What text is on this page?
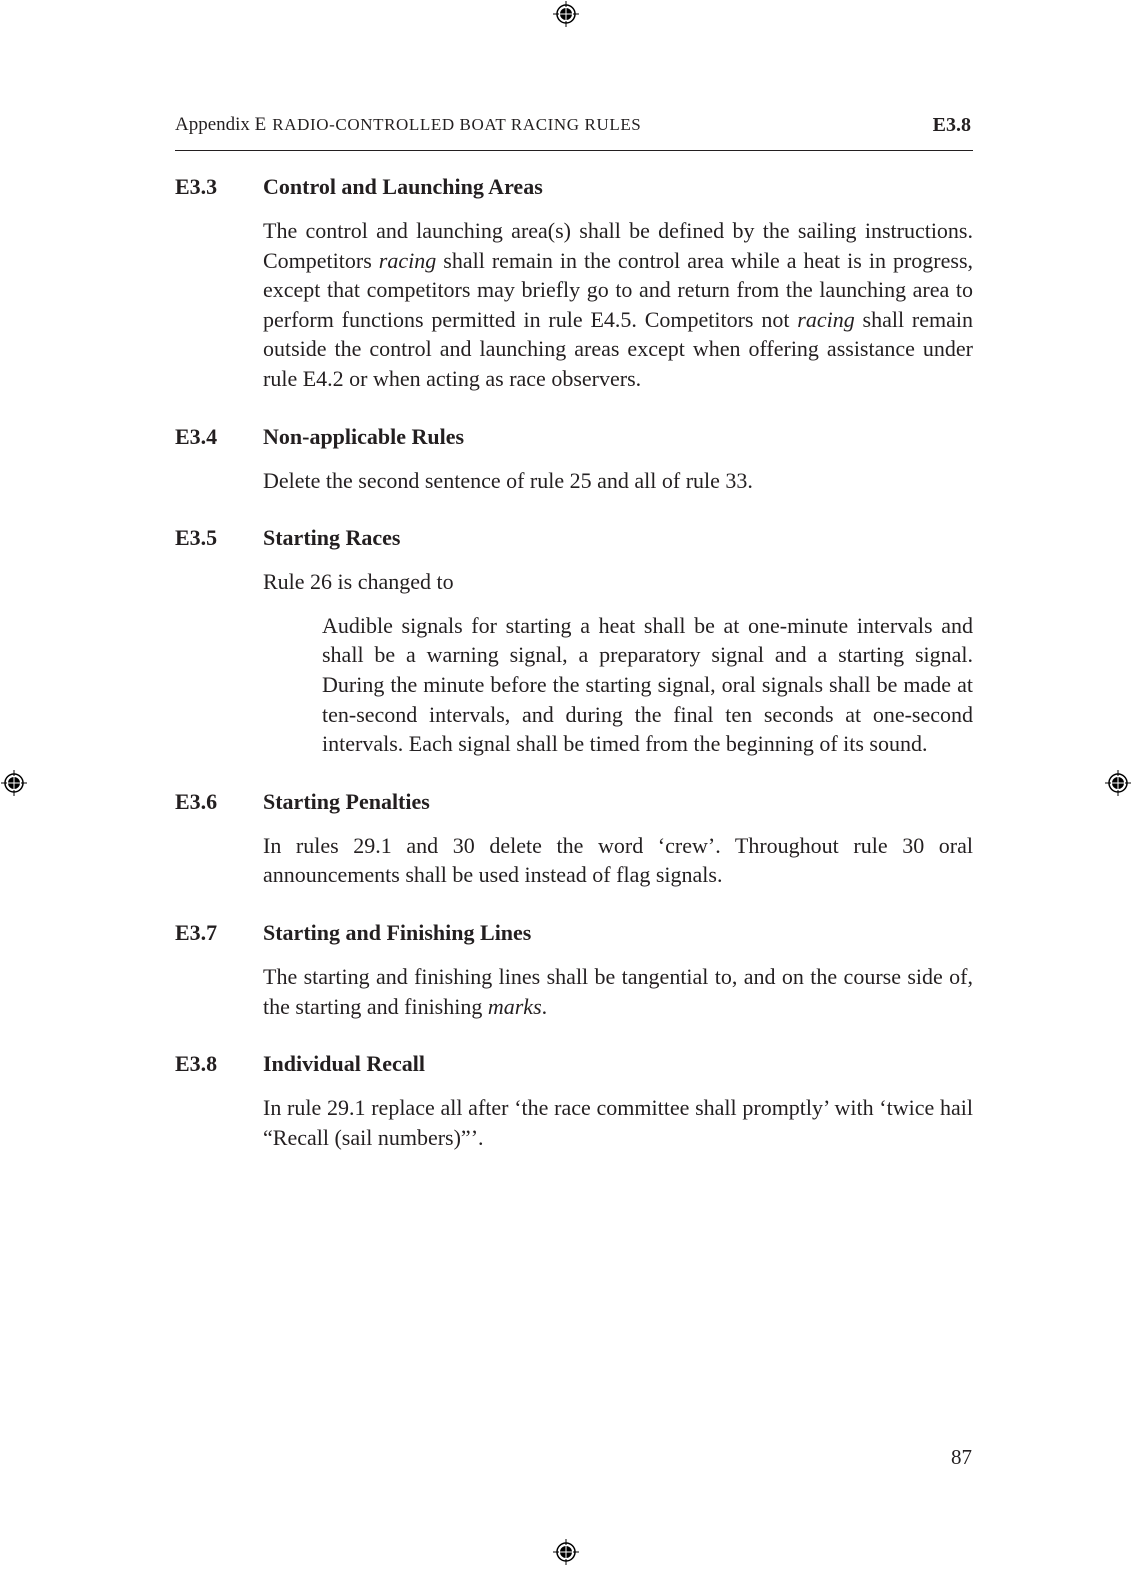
Appendix E RADIO-CONTROLLED BOAT RACING RULES	E3.8
E3.3	Control and Launching Areas

The control and launching area(s) shall be defined by the sailing instructions. Competitors racing shall remain in the control area while a heat is in progress, except that competitors may briefly go to and return from the launching area to perform functions permitted in rule E4.5. Competitors not racing shall remain outside the control and launching areas except when offering assistance under rule E4.2 or when acting as race observers.

E3.4	Non-applicable Rules

Delete the second sentence of rule 25 and all of rule 33.

E3.5	Starting Races

Rule 26 is changed to

Audible signals for starting a heat shall be at one-minute intervals and shall be a warning signal, a preparatory signal and a starting signal. During the minute before the starting signal, oral signals shall be made at ten-second intervals, and during the final ten seconds at one-second intervals. Each signal shall be timed from the beginning of its sound.

E3.6	Starting Penalties

In rules 29.1 and 30 delete the word ‘crew’. Throughout rule 30 oral announcements shall be used instead of flag signals.

E3.7	Starting and Finishing Lines

The starting and finishing lines shall be tangential to, and on the course side of, the starting and finishing marks.

E3.8	Individual Recall

In rule 29.1 replace all after ‘the race committee shall promptly’ with ‘twice hail “Recall (sail numbers)”’.

87
